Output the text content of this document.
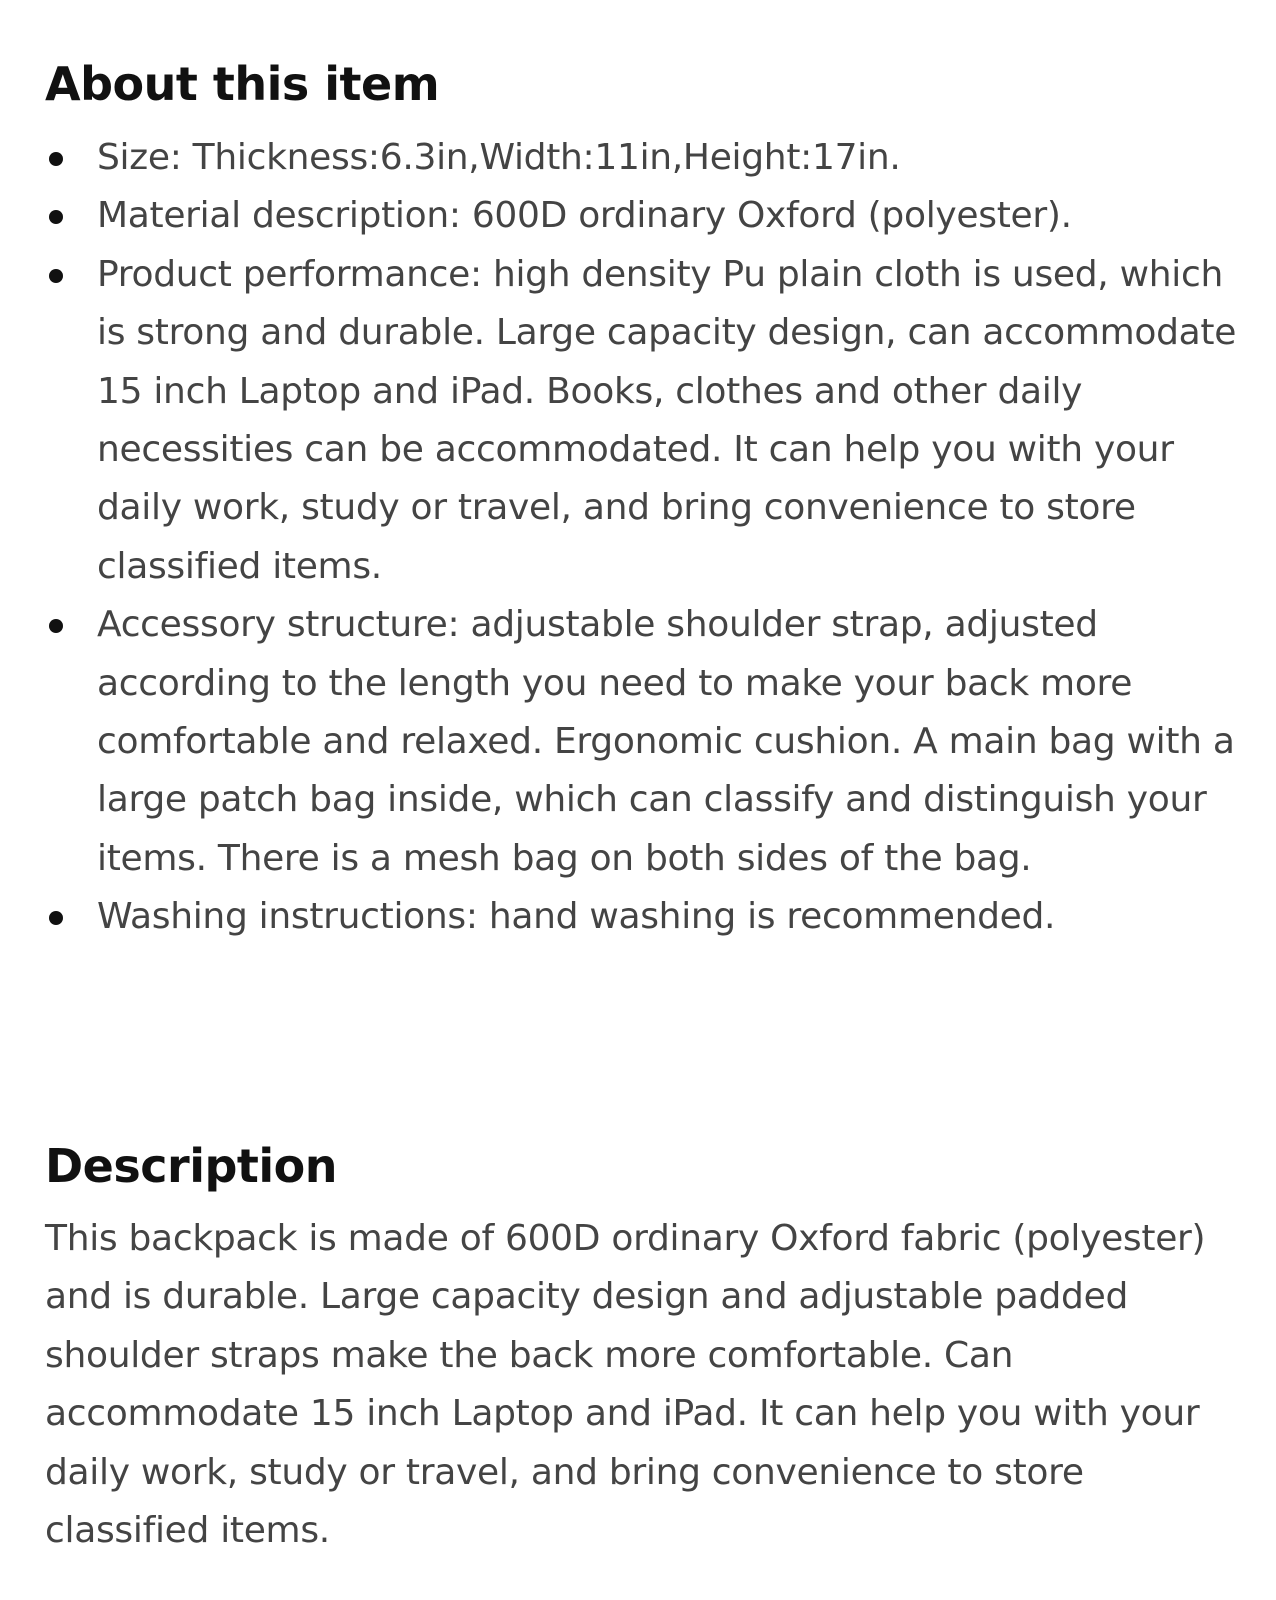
About this item
Size: Thickness:6.3in,Width:11in,Height:17in.
Material description: 600D ordinary Oxford (polyester).
Product performance: high density Pu plain cloth is used, which is strong and durable. Large capacity design, can accommodate 15 inch Laptop and iPad. Books, clothes and other daily necessities can be accommodated. It can help you with your daily work, study or travel, and bring convenience to store classified items.
Accessory structure: adjustable shoulder strap, adjusted according to the length you need to make your back more comfortable and relaxed. Ergonomic cushion. A main bag with a large patch bag inside, which can classify and distinguish your items. There is a mesh bag on both sides of the bag.
Washing instructions: hand washing is recommended.
Description

This backpack is made of 600D ordinary Oxford fabric (polyester) and is durable. Large capacity design and adjustable padded shoulder straps make the back more comfortable. Can accommodate 15 inch Laptop and iPad. It can help you with your daily work, study or travel, and bring convenience to store classified items.
